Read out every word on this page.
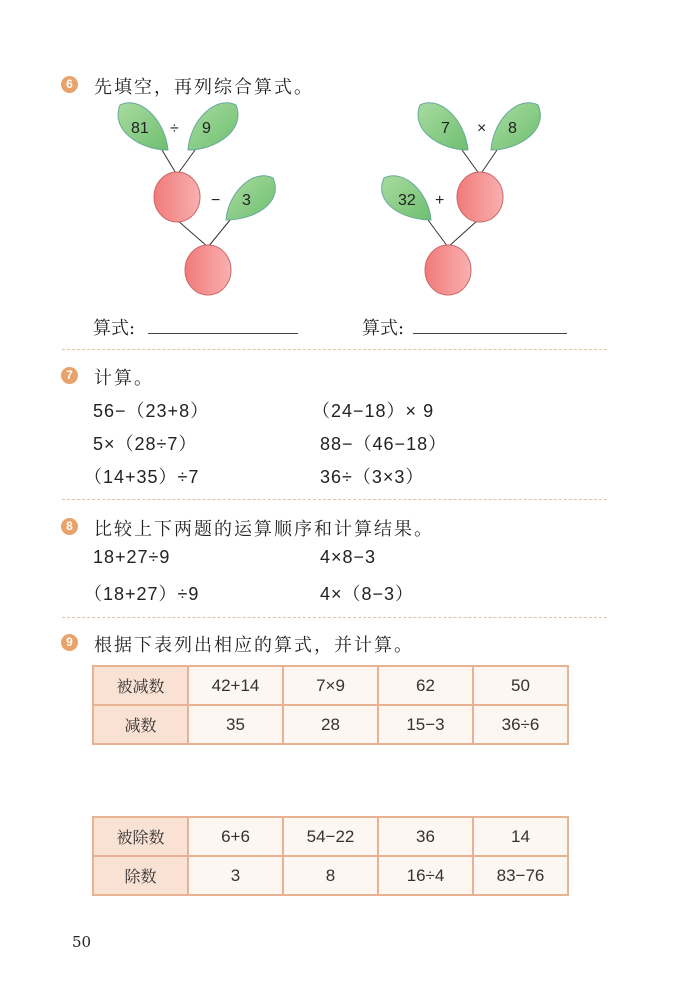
6 先填空，再列综合算式。
81 ÷ 9
− 3
7 × 8
+
32
算式:	算式:
7 计算。
56−（23+8）	（24−18）× 9
5×（28÷7）	88−（46−18）
（14+35）÷7	36÷（3×3）
8 比较上下两题的运算顺序和计算结果。
18+27÷9	4×8−3
（18+27）÷9	4×（8−3）
9 根据下表列出相应的算式，并计算。
被减数	42+14	7×9	62	50
减数	35	28	15−3	36÷6
被除数	6+6	54−22	36	14
除数	3	8	16÷4	83−76
50
